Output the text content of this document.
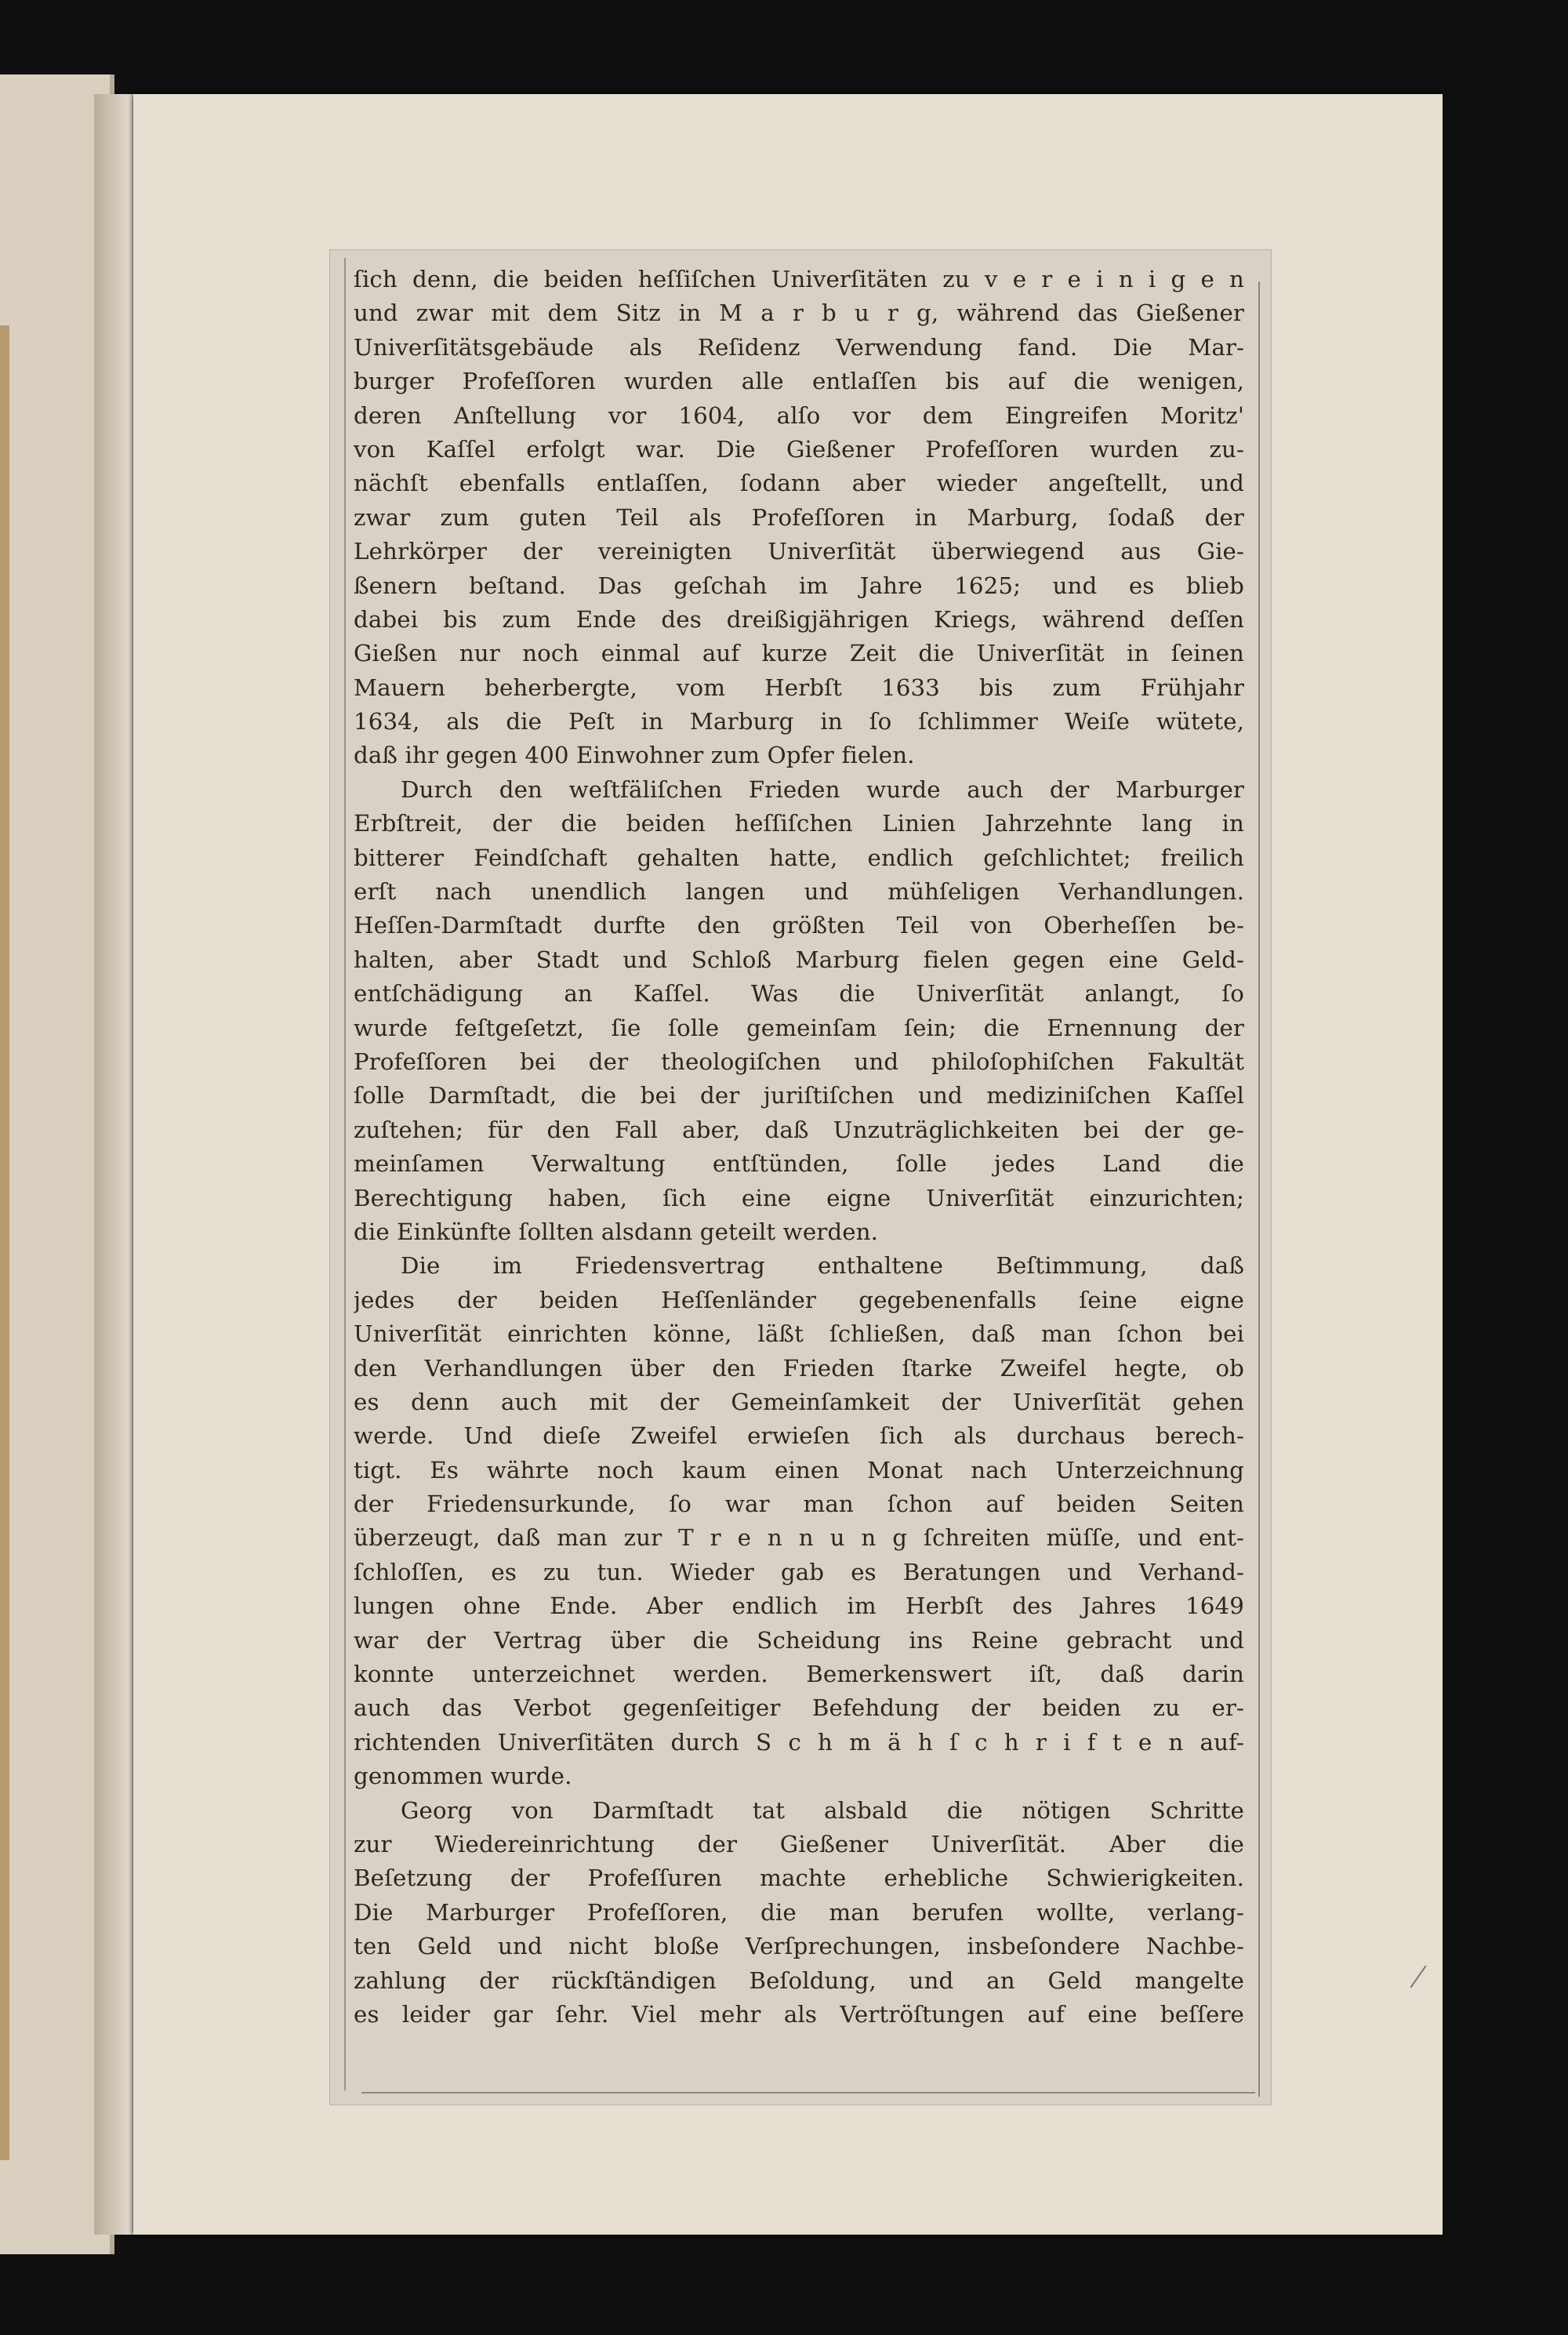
ſich denn, die beiden heſſiſchen Univerſitäten zu v e r e i n i g e n
und zwar mit dem Sitz in M a r b u r g, während das Gießener
Univerſitätsgebäude als Reſidenz Verwendung fand. Die Mar-
burger Profeſſoren wurden alle entlaſſen bis auf die wenigen,
deren Anſtellung vor 1604, alſo vor dem Eingreifen Moritz'
von Kaſſel erfolgt war. Die Gießener Profeſſoren wurden zu-
nächſt ebenfalls entlaſſen, ſodann aber wieder angeſtellt, und
zwar zum guten Teil als Profeſſoren in Marburg, ſodaß der
Lehrkörper der vereinigten Univerſität überwiegend aus Gie-
ßenern beſtand. Das geſchah im Jahre 1625; und es blieb
dabei bis zum Ende des dreißigjährigen Kriegs, während deſſen
Gießen nur noch einmal auf kurze Zeit die Univerſität in ſeinen
Mauern beherbergte, vom Herbſt 1633 bis zum Frühjahr
1634, als die Peſt in Marburg in ſo ſchlimmer Weiſe wütete,
daß ihr gegen 400 Einwohner zum Opfer fielen.
Durch den weſtfäliſchen Frieden wurde auch der Marburger
Erbſtreit, der die beiden heſſiſchen Linien Jahrzehnte lang in
bitterer Feindſchaft gehalten hatte, endlich geſchlichtet; freilich
erſt nach unendlich langen und mühſeligen Verhandlungen.
Heſſen-Darmſtadt durfte den größten Teil von Oberheſſen be-
halten, aber Stadt und Schloß Marburg fielen gegen eine Geld-
entſchädigung an Kaſſel. Was die Univerſität anlangt, ſo
wurde feſtgeſetzt, ſie ſolle gemeinſam ſein; die Ernennung der
Profeſſoren bei der theologiſchen und philoſophiſchen Fakultät
ſolle Darmſtadt, die bei der juriſtiſchen und mediziniſchen Kaſſel
zuſtehen; für den Fall aber, daß Unzuträglichkeiten bei der ge-
meinſamen Verwaltung entſtünden, ſolle jedes Land die
Berechtigung haben, ſich eine eigne Univerſität einzurichten;
die Einkünfte ſollten alsdann geteilt werden.
Die im Friedensvertrag enthaltene Beſtimmung, daß
jedes der beiden Heſſenländer gegebenenfalls ſeine eigne
Univerſität einrichten könne, läßt ſchließen, daß man ſchon bei
den Verhandlungen über den Frieden ſtarke Zweifel hegte, ob
es denn auch mit der Gemeinſamkeit der Univerſität gehen
werde. Und dieſe Zweifel erwieſen ſich als durchaus berech-
tigt. Es währte noch kaum einen Monat nach Unterzeichnung
der Friedensurkunde, ſo war man ſchon auf beiden Seiten
überzeugt, daß man zur T r e n n u n g ſchreiten müſſe, und ent-
ſchloſſen, es zu tun. Wieder gab es Beratungen und Verhand-
lungen ohne Ende. Aber endlich im Herbſt des Jahres 1649
war der Vertrag über die Scheidung ins Reine gebracht und
konnte unterzeichnet werden. Bemerkenswert iſt, daß darin
auch das Verbot gegenſeitiger Befehdung der beiden zu er-
richtenden Univerſitäten durch S c h m ä h ſ c h r i f t e n auf-
genommen wurde.
Georg von Darmſtadt tat alsbald die nötigen Schritte
zur Wiedereinrichtung der Gießener Univerſität. Aber die
Beſetzung der Profeſſuren machte erhebliche Schwierigkeiten.
Die Marburger Profeſſoren, die man berufen wollte, verlang-
ten Geld und nicht bloße Verſprechungen, insbeſondere Nachbe-
zahlung der rückſtändigen Beſoldung, und an Geld mangelte
es leider gar ſehr. Viel mehr als Vertröſtungen auf eine beſſere
